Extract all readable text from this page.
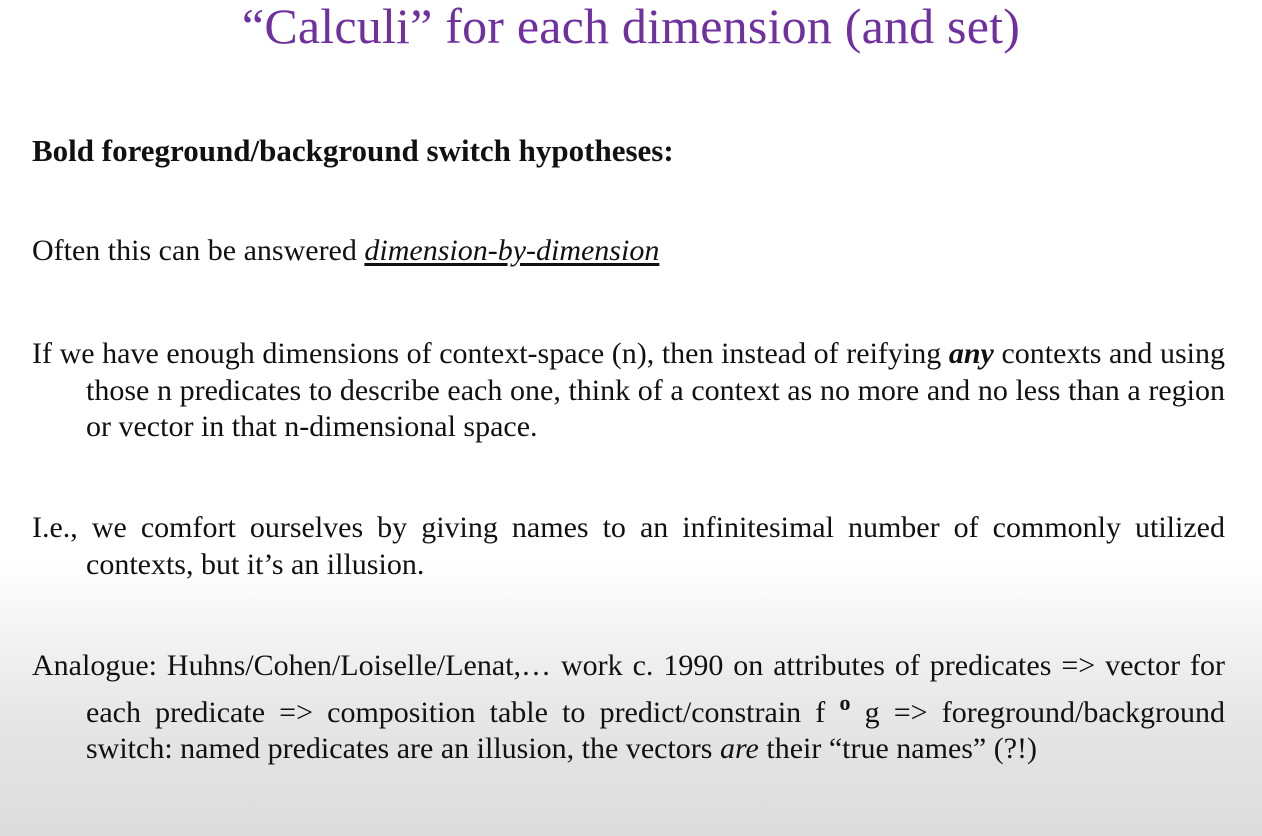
“Calculi” for each dimension (and set)
Bold foreground/background switch hypotheses:
Often this can be answered dimension-by-dimension
If we have enough dimensions of context-space (n), then instead of reifying any contexts and using those n predicates to describe each one, think of a context as no more and no less than a region or vector in that n-dimensional space.
I.e., we comfort ourselves by giving names to an infinitesimal number of commonly utilized contexts, but it’s an illusion.
Analogue: Huhns/Cohen/Loiselle/Lenat,… work c. 1990 on attributes of predicates => vector for each predicate => composition table to predict/constrain f $^o$ g => foreground/background switch: named predicates are an illusion, the vectors are their “true names” (?!)
